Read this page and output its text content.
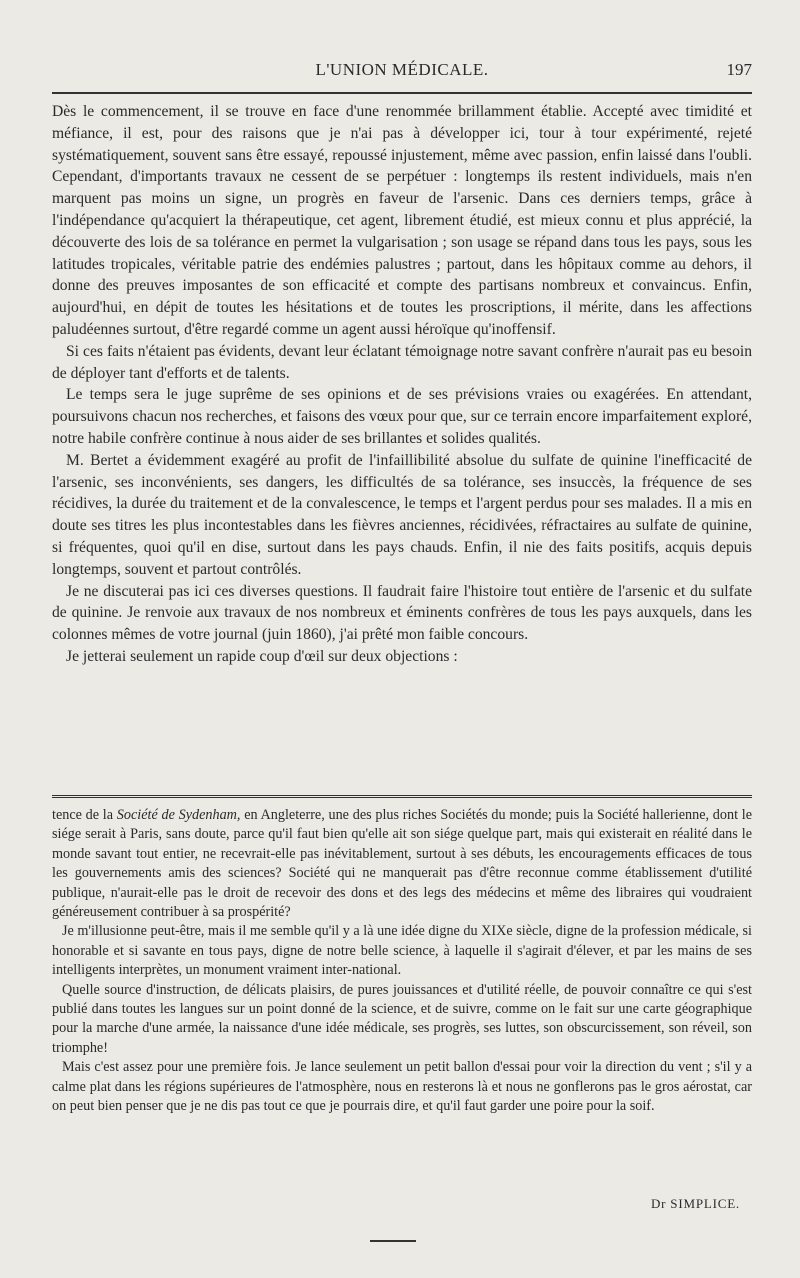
L'UNION MÉDICALE.	197

Dès le commencement, il se trouve en face d'une renommée brillamment établie. Accepté avec timidité et méfiance, il est, pour des raisons que je n'ai pas à développer ici, tour à tour expérimenté, rejeté systématiquement, souvent sans être essayé, repoussé injustement, même avec passion, enfin laissé dans l'oubli. Cependant, d'importants travaux ne cessent de se perpétuer : longtemps ils restent individuels, mais n'en marquent pas moins un signe, un progrès en faveur de l'arsenic. Dans ces derniers temps, grâce à l'indépendance qu'acquiert la thérapeutique, cet agent, librement étudié, est mieux connu et plus apprécié, la découverte des lois de sa tolérance en permet la vulgarisation ; son usage se répand dans tous les pays, sous les latitudes tropicales, véritable patrie des endémies palustres ; partout, dans les hôpitaux comme au dehors, il donne des preuves imposantes de son efficacité et compte des partisans nombreux et convaincus. Enfin, aujourd'hui, en dépit de toutes les hésitations et de toutes les proscriptions, il mérite, dans les affections paludéennes surtout, d'être regardé comme un agent aussi héroïque qu'inoffensif.

Si ces faits n'étaient pas évidents, devant leur éclatant témoignage notre savant confrère n'aurait pas eu besoin de déployer tant d'efforts et de talents.

Le temps sera le juge suprême de ses opinions et de ses prévisions vraies ou exagérées. En attendant, poursuivons chacun nos recherches, et faisons des vœux pour que, sur ce terrain encore imparfaitement exploré, notre habile confrère continue à nous aider de ses brillantes et solides qualités.

M. Bertet a évidemment exagéré au profit de l'infaillibilité absolue du sulfate de quinine l'inefficacité de l'arsenic, ses inconvénients, ses dangers, les difficultés de sa tolérance, ses insuccès, la fréquence de ses récidives, la durée du traitement et de la convalescence, le temps et l'argent perdus pour ses malades. Il a mis en doute ses titres les plus incontestables dans les fièvres anciennes, récidivées, réfractaires au sulfate de quinine, si fréquentes, quoi qu'il en dise, surtout dans les pays chauds. Enfin, il nie des faits positifs, acquis depuis longtemps, souvent et partout contrôlés.

Je ne discuterai pas ici ces diverses questions. Il faudrait faire l'histoire tout entière de l'arsenic et du sulfate de quinine. Je renvoie aux travaux de nos nombreux et éminents confrères de tous les pays auxquels, dans les colonnes mêmes de votre journal (juin 1860), j'ai prêté mon faible concours.

Je jetterai seulement un rapide coup d'œil sur deux objections :

tence de la Société de Sydenham, en Angleterre, une des plus riches Sociétés du monde; puis la Société hallerienne, dont le siége serait à Paris, sans doute, parce qu'il faut bien qu'elle ait son siége quelque part, mais qui existerait en réalité dans le monde savant tout entier, ne recevrait-elle pas inévitablement, surtout à ses débuts, les encouragements efficaces de tous les gouvernements amis des sciences? Société qui ne manquerait pas d'être reconnue comme établissement d'utilité publique, n'aurait-elle pas le droit de recevoir des dons et des legs des médecins et même des libraires qui voudraient généreusement contribuer à sa prospérité?

Je m'illusionne peut-être, mais il me semble qu'il y a là une idée digne du XIXe siècle, digne de la profession médicale, si honorable et si savante en tous pays, digne de notre belle science, à laquelle il s'agirait d'élever, et par les mains de ses intelligents interprètes, un monument vraiment inter-national.

Quelle source d'instruction, de délicats plaisirs, de pures jouissances et d'utilité réelle, de pouvoir connaître ce qui s'est publié dans toutes les langues sur un point donné de la science, et de suivre, comme on le fait sur une carte géographique pour la marche d'une armée, la naissance d'une idée médicale, ses progrès, ses luttes, son obscurcissement, son réveil, son triomphe!

Mais c'est assez pour une première fois. Je lance seulement un petit ballon d'essai pour voir la direction du vent ; s'il y a calme plat dans les régions supérieures de l'atmosphère, nous en resterons là et nous ne gonflerons pas le gros aérostat, car on peut bien penser que je ne dis pas tout ce que je pourrais dire, et qu'il faut garder une poire pour la soif.

Dr SIMPLICE.
